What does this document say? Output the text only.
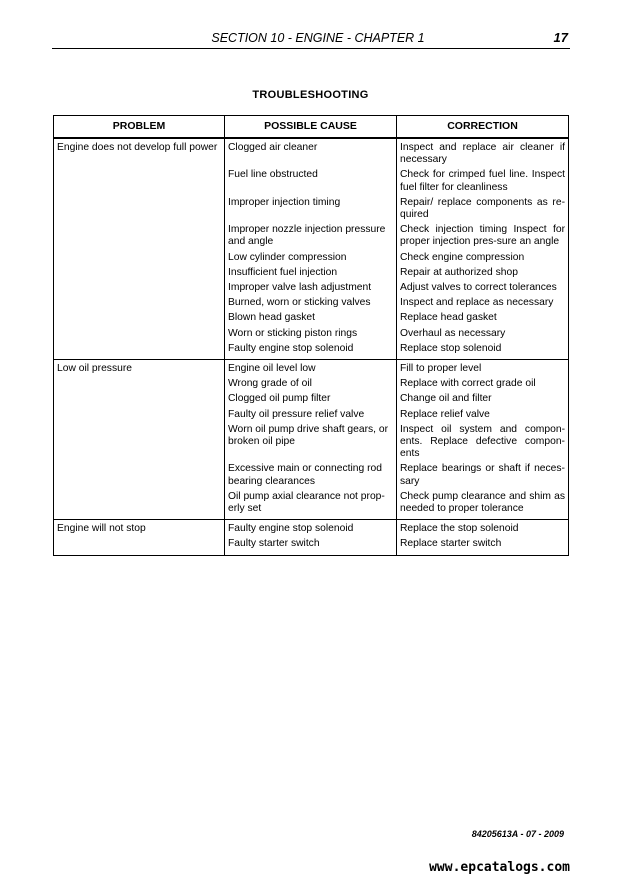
SECTION 10 - ENGINE - CHAPTER 1	17
TROUBLESHOOTING
PROBLEM	POSSIBLE CAUSE	CORRECTION
Engine does not develop full power	Clogged air cleaner	Inspect and replace air cleaner if necessary
	Fuel line obstructed	Check for crimped fuel line. Inspect fuel filter for cleanliness
	Improper injection timing	Repair/ replace components as re-quired
	Improper nozzle injection pressure and angle	Check injection timing Inspect for proper injection pres-sure an angle
	Low cylinder compression	Check engine compression
	Insufficient fuel injection	Repair at authorized shop
	Improper valve lash adjustment	Adjust valves to correct tolerances
	Burned, worn or sticking valves	Inspect and replace as necessary
	Blown head gasket	Replace head gasket
	Worn or sticking piston rings	Overhaul as necessary
	Faulty engine stop solenoid	Replace stop solenoid
Low oil pressure	Engine oil level low	Fill to proper level
	Wrong grade of oil	Replace with correct grade oil
	Clogged oil pump filter	Change oil and filter
	Faulty oil pressure relief valve	Replace relief valve
	Worn oil pump drive shaft gears, or broken oil pipe	Inspect oil system and compon-ents. Replace defective compon-ents
	Excessive main or connecting rod bearing clearances	Replace bearings or shaft if neces-sary
	Oil pump axial clearance not prop-erly set	Check pump clearance and shim as needed to proper tolerance
Engine will not stop	Faulty engine stop solenoid	Replace the stop solenoid
	Faulty starter switch	Replace starter switch
84205613A - 07 - 2009
www.epcatalogs.com
